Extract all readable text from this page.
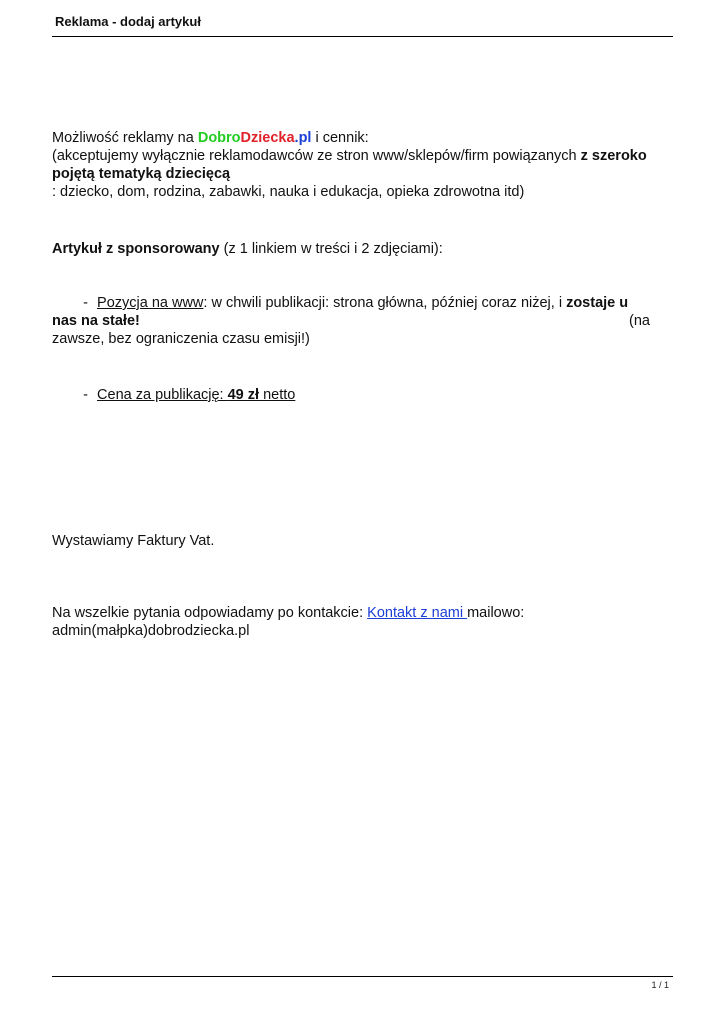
Reklama - dodaj artykuł
Możliwość reklamy na DobroDziecka.pl i cennik:
(akceptujemy wyłącznie reklamodawców ze stron www/sklepów/firm powiązanych z szeroko pojętą tematyką dziecięcą
: dziecko, dom, rodzina, zabawki, nauka i edukacja, opieka zdrowotna itd)
Artykuł z sponsorowany (z 1 linkiem w treści i 2 zdjęciami):
- Pozycja na www: w chwili publikacji: strona główna, później coraz niżej, i zostaje u nas na stałe!	(na
zawsze, bez ograniczenia czasu emisji!)
- Cena za publikację: 49 zł netto
Wystawiamy Faktury Vat.
Na wszelkie pytania odpowiadamy po kontakcie: Kontakt z nami mailowo:
admin(małpka)dobrodziecka.pl
1 / 1
